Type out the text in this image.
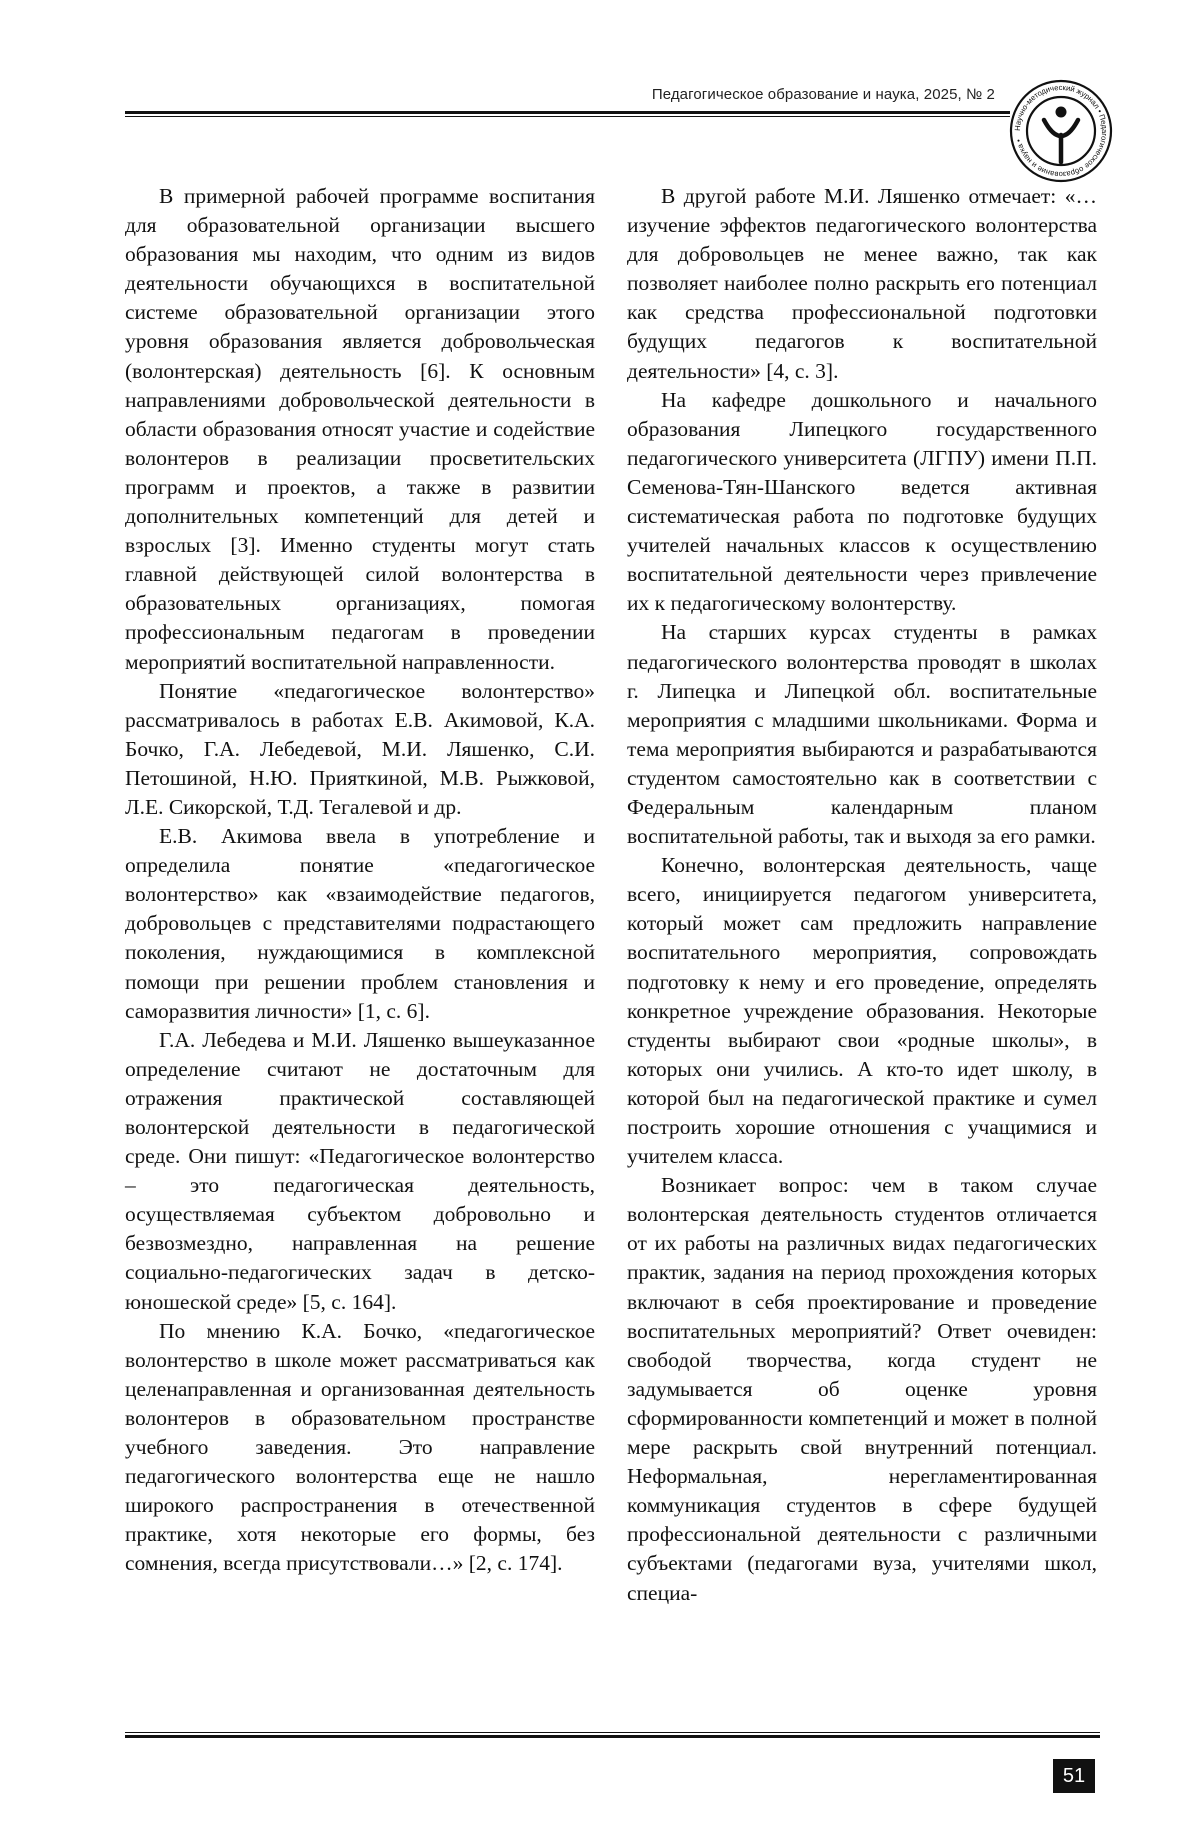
Педагогическое образование и наука, 2025, № 2
Научно-методический журнал • Педагогическое образование и наука •

В примерной рабочей программе воспитания для образовательной организации высшего образования мы находим, что одним из видов деятельности обучающихся в воспитательной системе образовательной организации этого уровня образования является добровольческая (волонтерская) деятельность [6]. К основным направлениями добровольческой деятельности в области образования относят участие и содействие волонтеров в реализации просветительских программ и проектов, а также в развитии дополнительных компетенций для детей и взрослых [3]. Именно студенты могут стать главной действующей силой волонтерства в образовательных организациях, помогая профессиональным педагогам в проведении мероприятий воспитательной направленности.

Понятие «педагогическое волонтерство» рассматривалось в работах Е.В. Акимовой, К.А. Бочко, Г.А. Лебедевой, М.И. Ляшенко, С.И. Петошиной, Н.Ю. Прияткиной, М.В. Рыжковой, Л.Е. Сикорской, Т.Д. Тегалевой и др.

Е.В. Акимова ввела в употребление и определила понятие «педагогическое волонтерство» как «взаимодействие педагогов, добровольцев с представителями подрастающего поколения, нуждающимися в комплексной помощи при решении проблем становления и саморазвития личности» [1, с. 6].

Г.А. Лебедева и М.И. Ляшенко вышеуказанное определение считают не достаточным для отражения практической составляющей волонтерской деятельности в педагогической среде. Они пишут: «Педагогическое волонтерство – это педагогическая деятельность, осуществляемая субъектом добровольно и безвозмездно, направленная на решение социально-педагогических задач в детско-юношеской среде» [5, с. 164].

По мнению К.А. Бочко, «педагогическое волонтерство в школе может рассматриваться как целенаправленная и организованная деятельность волонтеров в образовательном пространстве учебного заведения. Это направление педагогического волонтерства еще не нашло широкого распространения в отечественной практике, хотя некоторые его формы, без сомнения, всегда присутствовали…» [2, с. 174].

В другой работе М.И. Ляшенко отмечает: «…изучение эффектов педагогического волонтерства для добровольцев не менее важно, так как позволяет наиболее полно раскрыть его потенциал как средства профессиональной подготовки будущих педагогов к воспитательной деятельности» [4, с. 3].

На кафедре дошкольного и начального образования Липецкого государственного педагогического университета (ЛГПУ) имени П.П. Семенова-Тян-Шанского ведется активная систематическая работа по подготовке будущих учителей начальных классов к осуществлению воспитательной деятельности через привлечение их к педагогическому волонтерству.

На старших курсах студенты в рамках педагогического волонтерства проводят в школах г. Липецка и Липецкой обл. воспитательные мероприятия с младшими школьниками. Форма и тема мероприятия выбираются и разрабатываются студентом самостоятельно как в соответствии с Федеральным календарным планом воспитательной работы, так и выходя за его рамки.

Конечно, волонтерская деятельность, чаще всего, инициируется педагогом университета, который может сам предложить направление воспитательного мероприятия, сопровождать подготовку к нему и его проведение, определять конкретное учреждение образования. Некоторые студенты выбирают свои «родные школы», в которых они учились. А кто-то идет школу, в которой был на педагогической практике и сумел построить хорошие отношения с учащимися и учителем класса.

Возникает вопрос: чем в таком случае волонтерская деятельность студентов отличается от их работы на различных видах педагогических практик, задания на период прохождения которых включают в себя проектирование и проведение воспитательных мероприятий? Ответ очевиден: свободой творчества, когда студент не задумывается об оценке уровня сформированности компетенций и может в полной мере раскрыть свой внутренний потенциал. Неформальная, нерегламентированная коммуникация студентов в сфере будущей профессиональной деятельности с различными субъектами (педагогами вуза, учителями школ, специа-

51
